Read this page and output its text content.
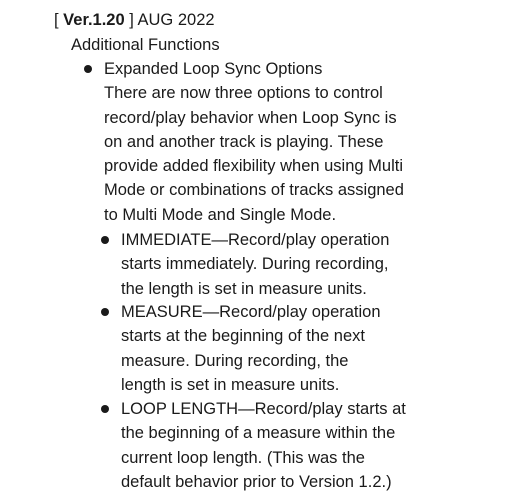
[ Ver.1.20 ] AUG 2022
Additional Functions
Expanded Loop Sync Options
There are now three options to control
record/play behavior when Loop Sync is
on and another track is playing. These
provide added flexibility when using Multi
Mode or combinations of tracks assigned
to Multi Mode and Single Mode.
IMMEDIATE—Record/play operation
starts immediately. During recording,
the length is set in measure units.
MEASURE—Record/play operation
starts at the beginning of the next
measure. During recording, the
length is set in measure units.
LOOP LENGTH—Record/play starts at
the beginning of a measure within the
current loop length. (This was the
default behavior prior to Version 1.2.)
